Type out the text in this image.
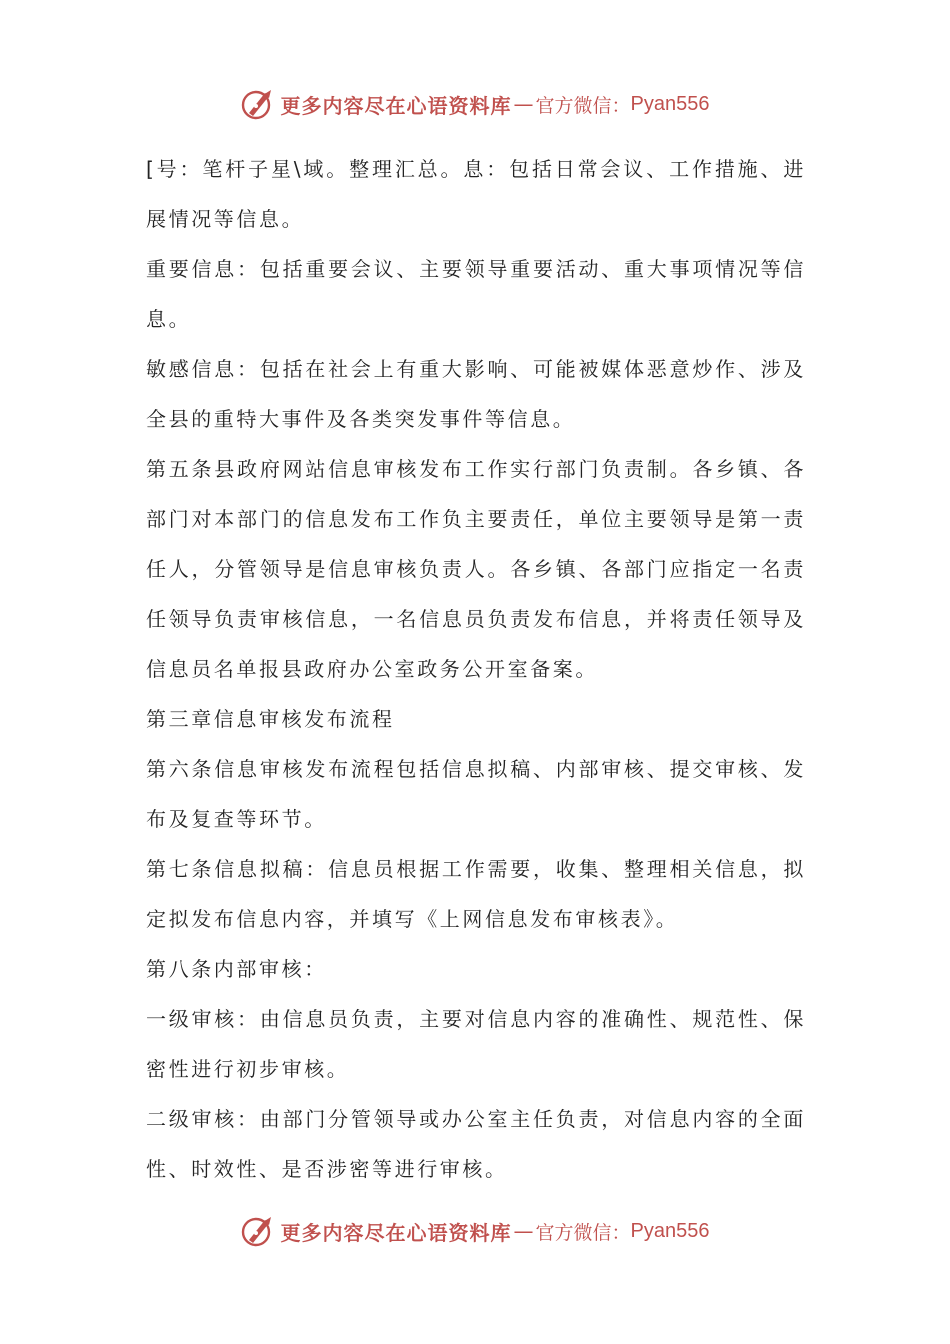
更多内容尽在心语资料库 — 官方微信： Pyan556

[号：笔杆子星\域。整理汇总。息：包括日常会议、工作措施、进展情况等信息。

重要信息：包括重要会议、主要领导重要活动、重大事项情况等信息。

敏感信息：包括在社会上有重大影响、可能被媒体恶意炒作、涉及全县的重特大事件及各类突发事件等信息。

第五条县政府网站信息审核发布工作实行部门负责制。各乡镇、各部门对本部门的信息发布工作负主要责任，单位主要领导是第一责任人，分管领导是信息审核负责人。各乡镇、各部门应指定一名责任领导负责审核信息，一名信息员负责发布信息，并将责任领导及信息员名单报县政府办公室政务公开室备案。

第三章信息审核发布流程

第六条信息审核发布流程包括信息拟稿、内部审核、提交审核、发布及复查等环节。

第七条信息拟稿：信息员根据工作需要，收集、整理相关信息，拟定拟发布信息内容，并填写《上网信息发布审核表》。

第八条内部审核：

一级审核：由信息员负责，主要对信息内容的准确性、规范性、保密性进行初步审核。

二级审核：由部门分管领导或办公室主任负责，对信息内容的全面性、时效性、是否涉密等进行审核。

更多内容尽在心语资料库 — 官方微信： Pyan556
